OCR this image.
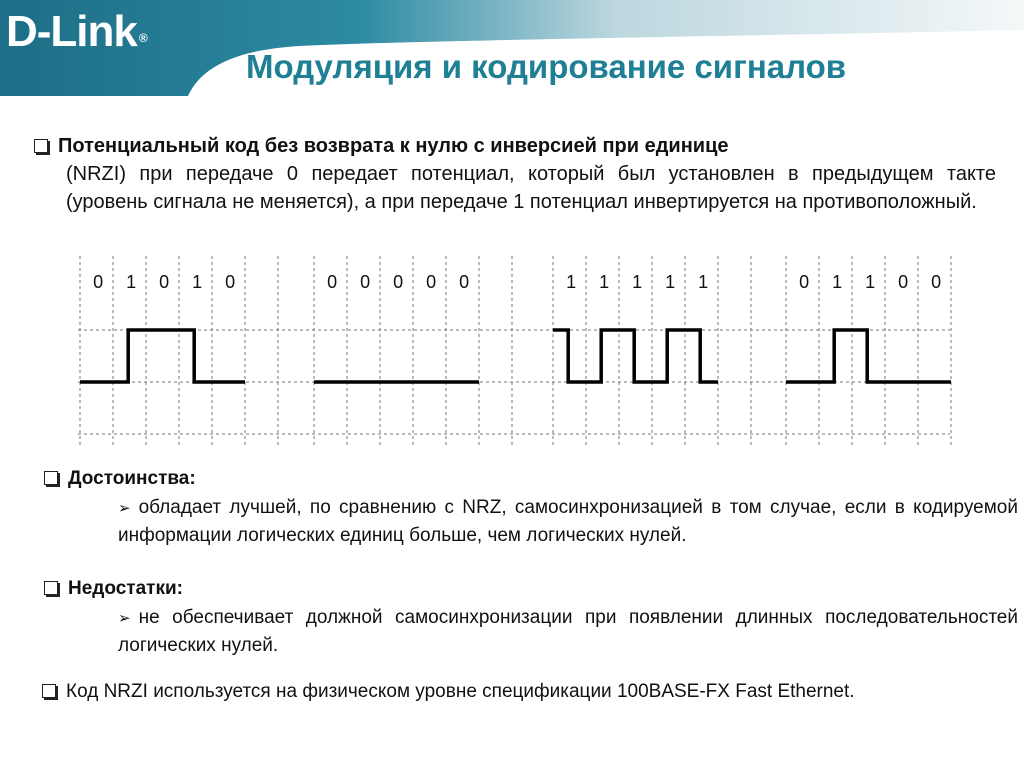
D-Link ®
Модуляция и кодирование сигналов
Потенциальный код без возврата к нулю с инверсией при единице
(NRZI) при передаче 0 передает потенциал, который был установлен в предыдущем такте (уровень сигнала не меняется), а при передаче 1 потенциал инвертируется на противоположный.
0 1 0 1 0	0 0 0 0 0	1 1 1 1 1	0 1 1 0 0
Достоинства:
➢ обладает лучшей, по сравнению с NRZ, самосинхронизацией в том случае, если в кодируемой информации логических единиц больше, чем логических нулей.
Недостатки:
➢ не обеспечивает должной самосинхронизации при появлении длинных последовательностей логических нулей.
Код NRZI используется на физическом уровне спецификации 100BASE-FX Fast Ethernet.
